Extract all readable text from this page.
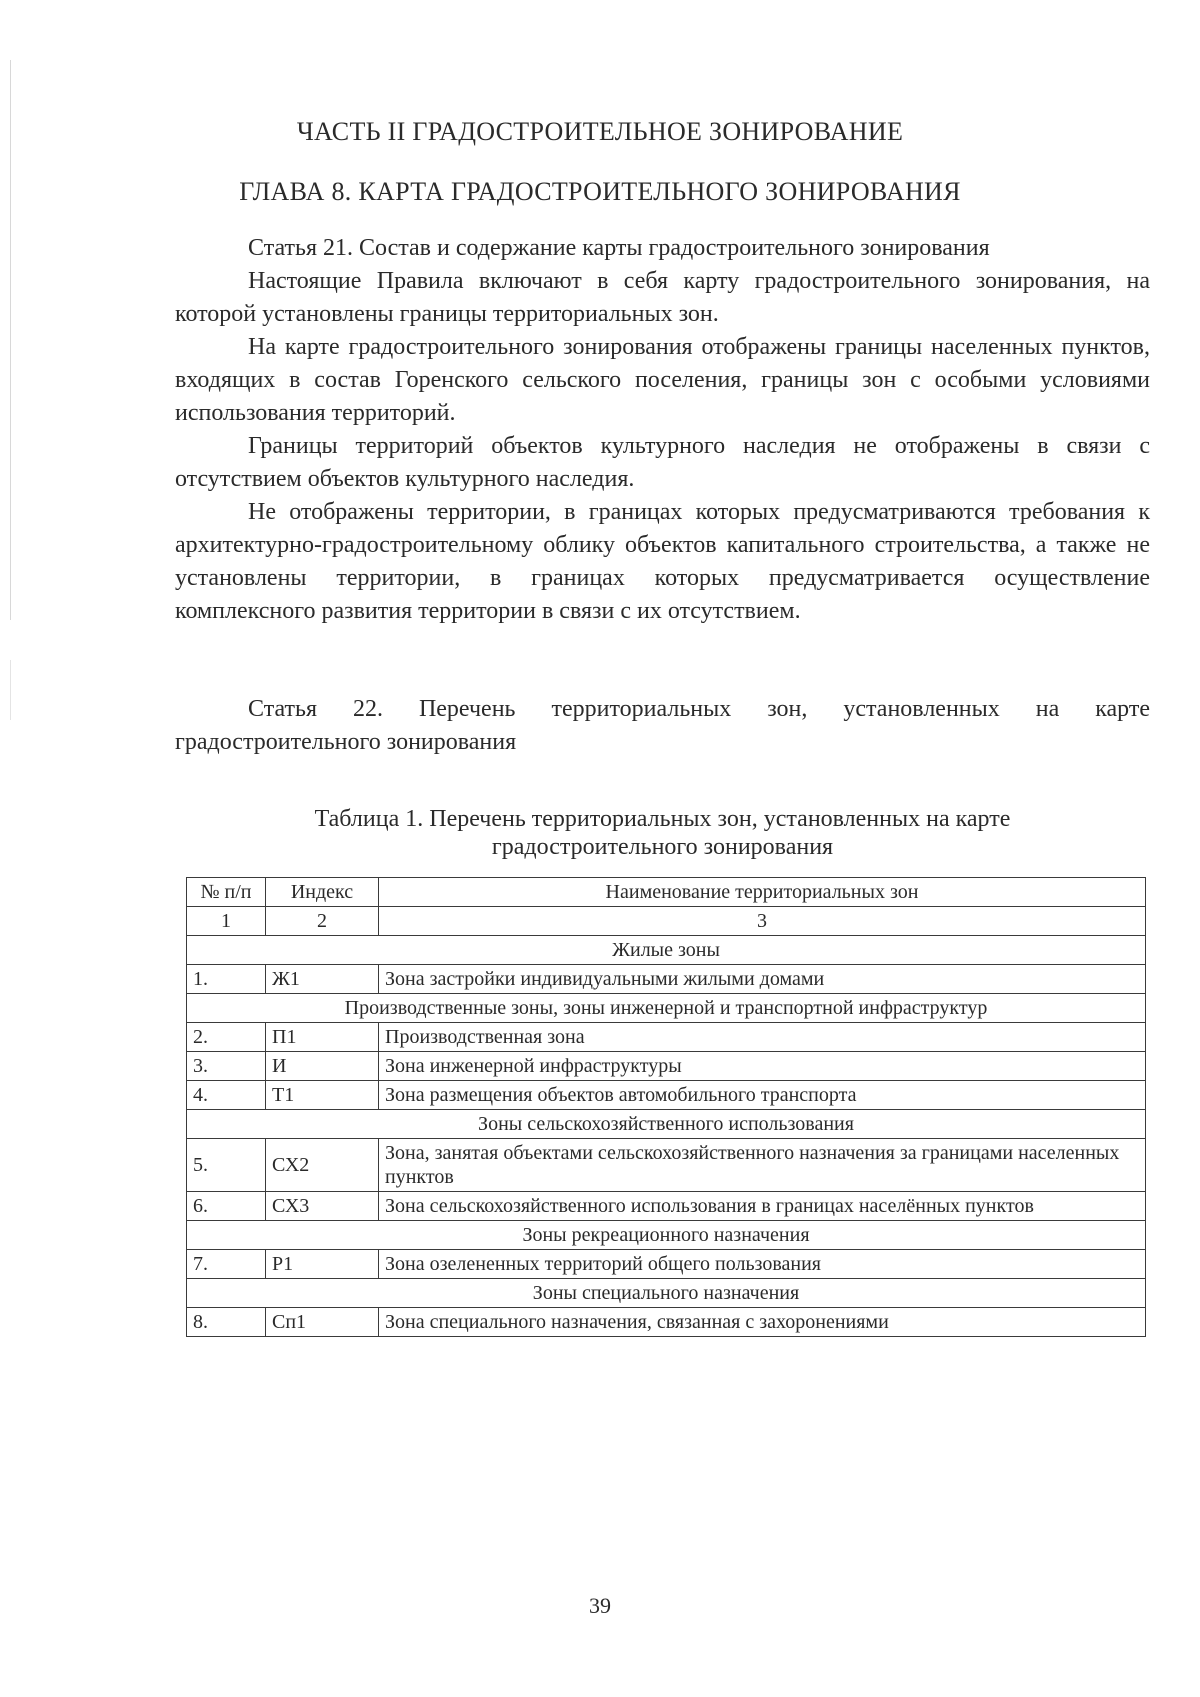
ЧАСТЬ II ГРАДОСТРОИТЕЛЬНОЕ ЗОНИРОВАНИЕ
ГЛАВА 8. КАРТА ГРАДОСТРОИТЕЛЬНОГО ЗОНИРОВАНИЯ

Статья 21. Состав и содержание карты градостроительного зонирования

Настоящие Правила включают в себя карту градостроительного зонирования, на которой установлены границы территориальных зон.

На карте градостроительного зонирования отображены границы населенных пунктов, входящих в состав Горенского сельского поселения, границы зон с особыми условиями использования территорий.

Границы территорий объектов культурного наследия не отображены в связи с отсутствием объектов культурного наследия.

Не отображены территории, в границах которых предусматриваются требования к архитектурно-градостроительному облику объектов капитального строительства, а также не установлены территории, в границах которых предусматривается осуществление комплексного развития территории в связи с их отсутствием.

Статья 22. Перечень территориальных зон, установленных на карте градостроительного зонирования

Таблица 1. Перечень территориальных зон, установленных на карте
градостроительного зонирования
№ п/п	Индекс	Наименование территориальных зон
1	2	3
Жилые зоны		
1.	Ж1	Зона застройки индивидуальными жилыми домами
Производственные зоны, зоны инженерной и транспортной инфраструктур		
2.	П1	Производственная зона
3.	И	Зона инженерной инфраструктуры
4.	Т1	Зона размещения объектов автомобильного транспорта
Зоны сельскохозяйственного использования		
5.	СХ2	Зона, занятая объектами сельскохозяйственного назначения за границами населенных пунктов
6.	СХ3	Зона сельскохозяйственного использования в границах населённых пунктов
Зоны рекреационного назначения		
7.	Р1	Зона озелененных территорий общего пользования
Зоны специального назначения		
8.	Сп1	Зона специального назначения, связанная с захоронениями
39
